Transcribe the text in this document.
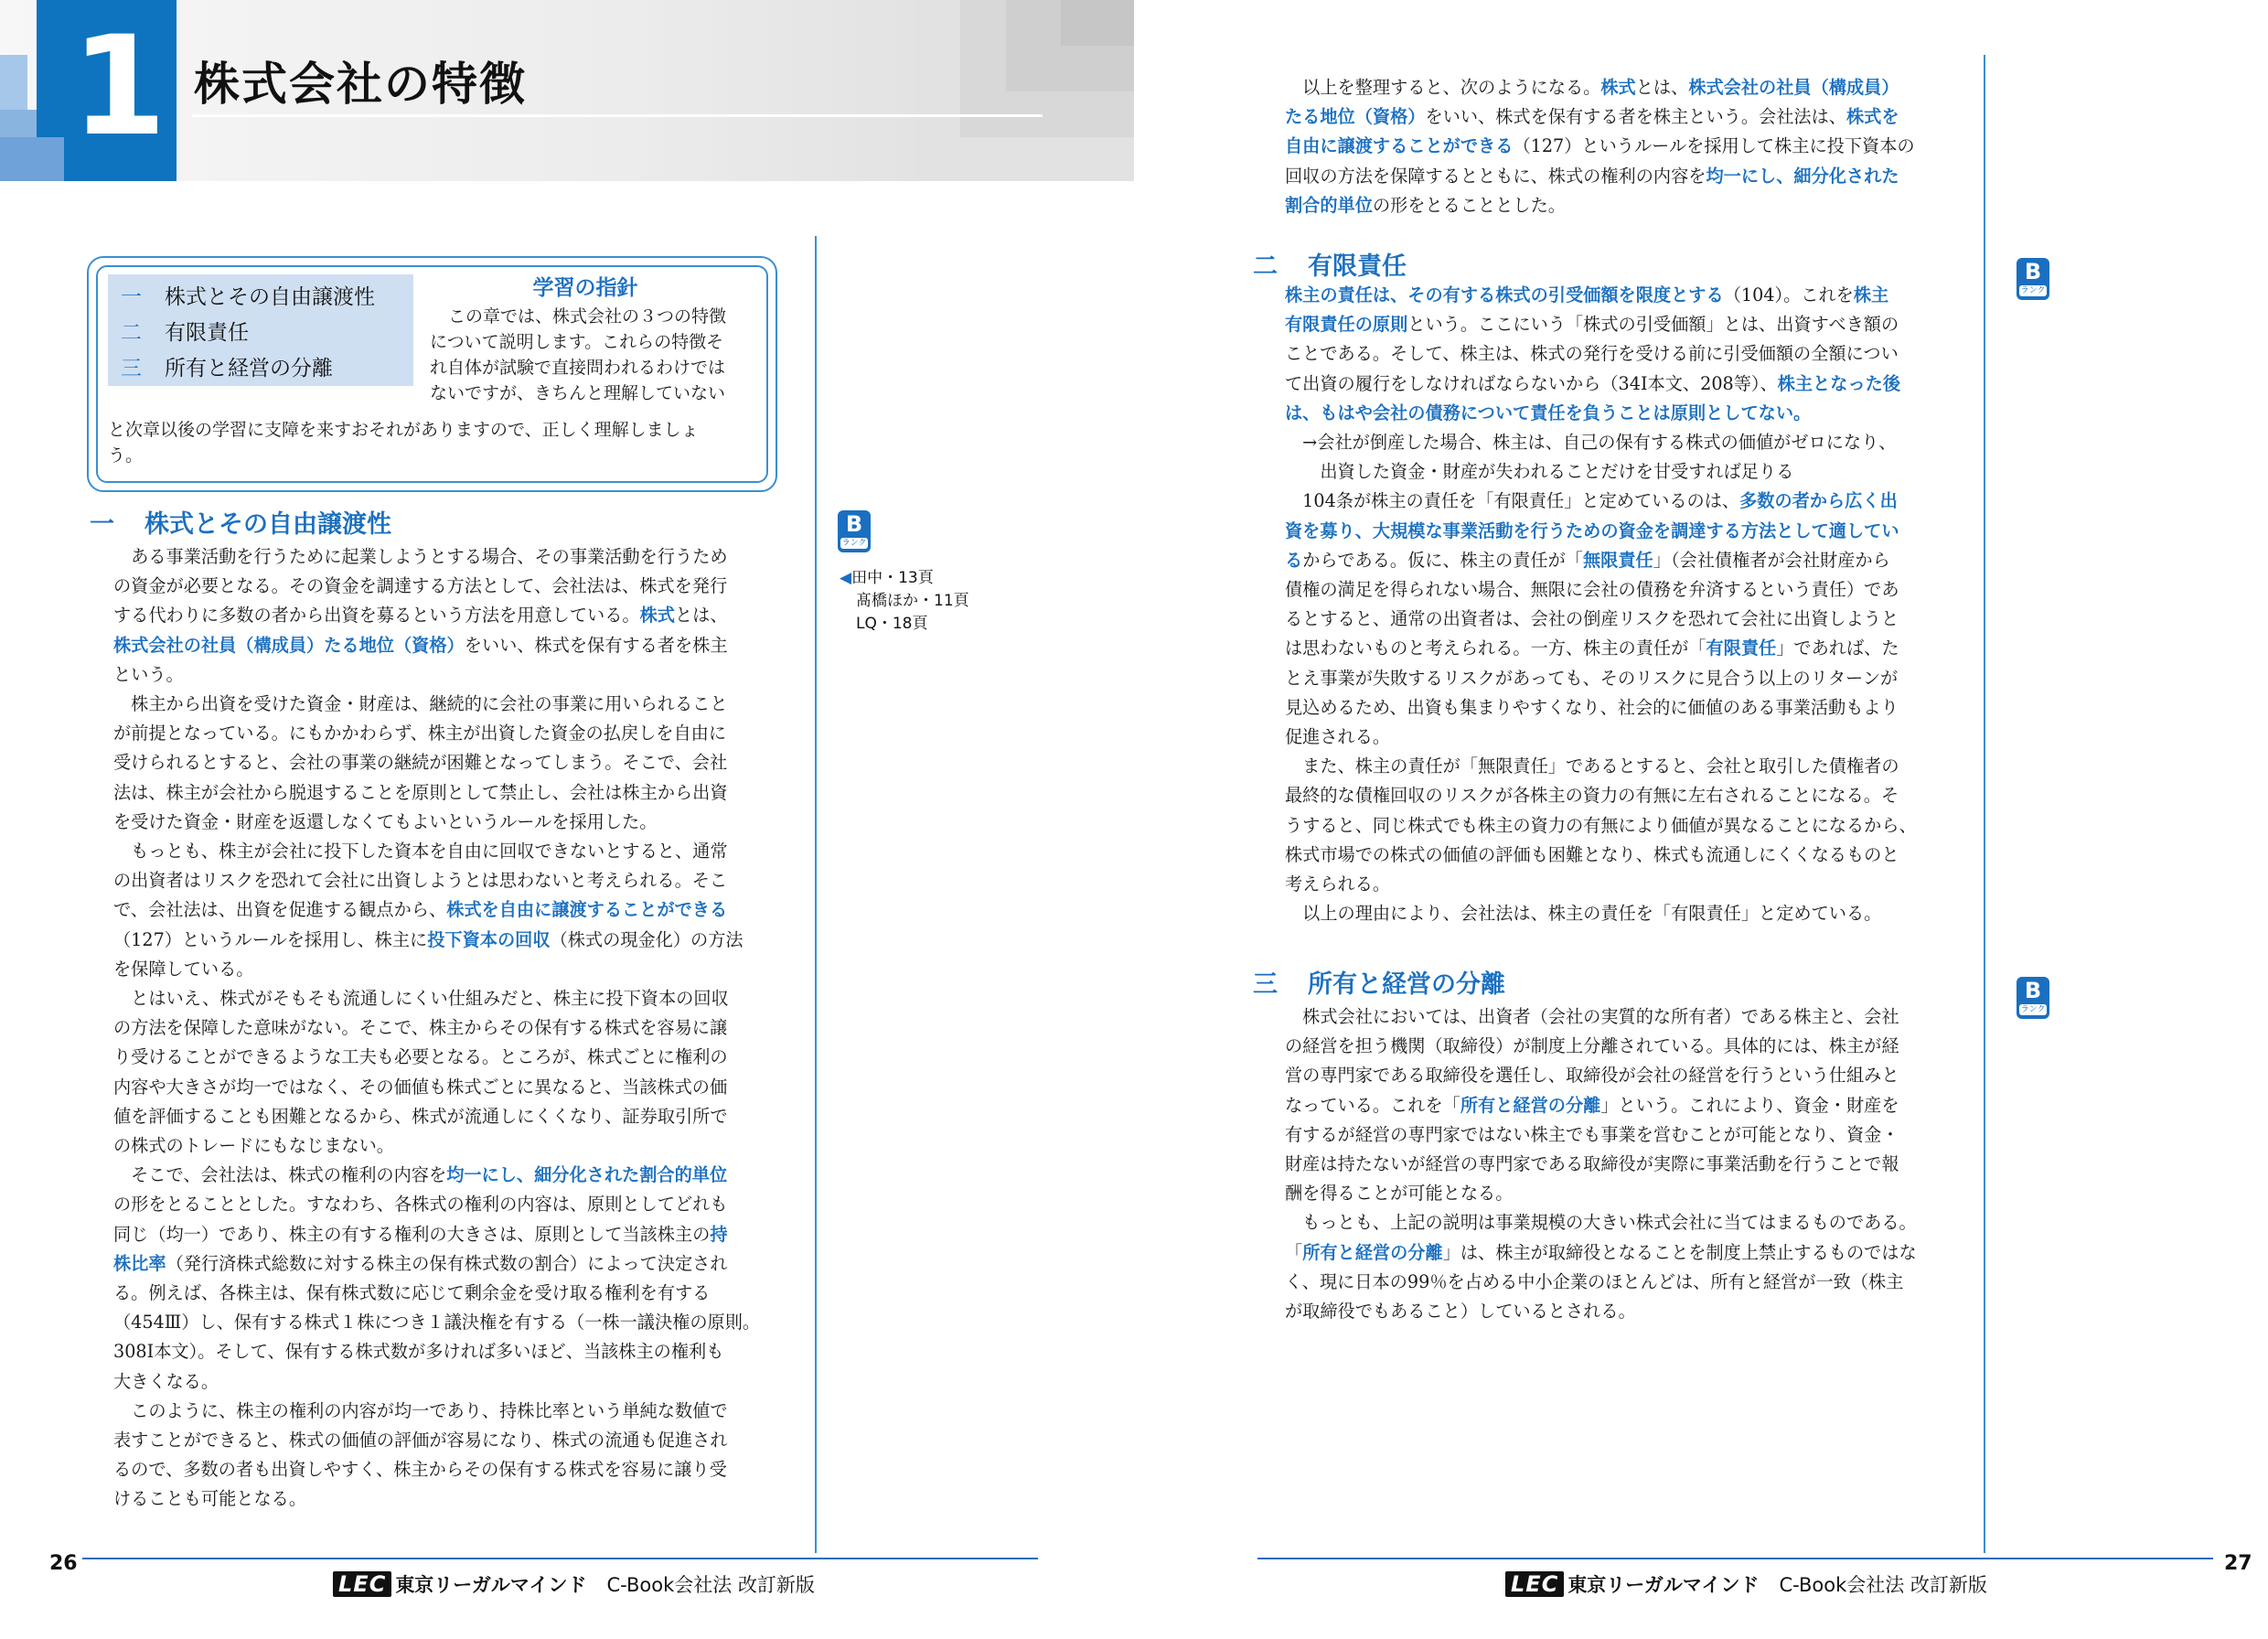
1 株式会社の特徴
一 株式とその自由譲渡性
二 有限責任
三 所有と経営の分離
学習の指針
この章では、株式会社の３つの特徴
について説明します。これらの特徴そ
れ自体が試験で直接問われるわけでは
ないですが、きちんと理解していない
と次章以後の学習に支障を来すおそれがありますので、正しく理解しましょ
う。
一 株式とその自由譲渡性
　ある事業活動を行うために起業しようとする場合、その事業活動を行うため
の資金が必要となる。その資金を調達する方法として、会社法は、株式を発行
する代わりに多数の者から出資を募るという方法を用意している。株式とは、
株式会社の社員（構成員）たる地位（資格）をいい、株式を保有する者を株主
という。
　株主から出資を受けた資金・財産は、継続的に会社の事業に用いられること
が前提となっている。にもかかわらず、株主が出資した資金の払戻しを自由に
受けられるとすると、会社の事業の継続が困難となってしまう。そこで、会社
法は、株主が会社から脱退することを原則として禁止し、会社は株主から出資
を受けた資金・財産を返還しなくてもよいというルールを採用した。
　もっとも、株主が会社に投下した資本を自由に回収できないとすると、通常
の出資者はリスクを恐れて会社に出資しようとは思わないと考えられる。そこ
で、会社法は、出資を促進する観点から、株式を自由に譲渡することができる
（127）というルールを採用し、株主に投下資本の回収（株式の現金化）の方法
を保障している。
　とはいえ、株式がそもそも流通しにくい仕組みだと、株主に投下資本の回収
の方法を保障した意味がない。そこで、株主からその保有する株式を容易に譲
り受けることができるような工夫も必要となる。ところが、株式ごとに権利の
内容や大きさが均一ではなく、その価値も株式ごとに異なると、当該株式の価
値を評価することも困難となるから、株式が流通しにくくなり、証券取引所で
の株式のトレードにもなじまない。
　そこで、会社法は、株式の権利の内容を均一にし、細分化された割合的単位
の形をとることとした。すなわち、各株式の権利の内容は、原則としてどれも
同じ（均一）であり、株主の有する権利の大きさは、原則として当該株主の持
株比率（発行済株式総数に対する株主の保有株式数の割合）によって決定され
る。例えば、各株主は、保有株式数に応じて剰余金を受け取る権利を有する
（454Ⅲ）し、保有する株式１株につき１議決権を有する（一株一議決権の原則。
308Ⅰ本文）。そして、保有する株式数が多ければ多いほど、当該株主の権利も
大きくなる。
　このように、株主の権利の内容が均一であり、持株比率という単純な数値で
表すことができると、株式の価値の評価が容易になり、株式の流通も促進され
るので、多数の者も出資しやすく、株主からその保有する株式を容易に譲り受
けることも可能となる。
B
ランク
◀田中・13頁
髙橋ほか・11頁
LQ・18頁
26
LEC 東京リーガルマインド C-Book会社法 改訂新版
　以上を整理すると、次のようになる。株式とは、株式会社の社員（構成員）
たる地位（資格）をいい、株式を保有する者を株主という。会社法は、株式を
自由に譲渡することができる（127）というルールを採用して株主に投下資本の
回収の方法を保障するとともに、株式の権利の内容を均一にし、細分化された
割合的単位の形をとることとした。
二 有限責任
株主の責任は、その有する株式の引受価額を限度とする（104）。これを株主
有限責任の原則という。ここにいう「株式の引受価額」とは、出資すべき額の
ことである。そして、株主は、株式の発行を受ける前に引受価額の全額につい
て出資の履行をしなければならないから（34Ⅰ本文、208等）、株主となった後
は、もはや会社の債務について責任を負うことは原則としてない。
　→会社が倒産した場合、株主は、自己の保有する株式の価値がゼロになり、
　　出資した資金・財産が失われることだけを甘受すれば足りる
　104条が株主の責任を「有限責任」と定めているのは、多数の者から広く出
資を募り、大規模な事業活動を行うための資金を調達する方法として適してい
るからである。仮に、株主の責任が「無限責任」（会社債権者が会社財産から
債権の満足を得られない場合、無限に会社の債務を弁済するという責任）であ
るとすると、通常の出資者は、会社の倒産リスクを恐れて会社に出資しようと
は思わないものと考えられる。一方、株主の責任が「有限責任」であれば、た
とえ事業が失敗するリスクがあっても、そのリスクに見合う以上のリターンが
見込めるため、出資も集まりやすくなり、社会的に価値のある事業活動もより
促進される。
　また、株主の責任が「無限責任」であるとすると、会社と取引した債権者の
最終的な債権回収のリスクが各株主の資力の有無に左右されることになる。そ
うすると、同じ株式でも株主の資力の有無により価値が異なることになるから、
株式市場での株式の価値の評価も困難となり、株式も流通しにくくなるものと
考えられる。
　以上の理由により、会社法は、株主の責任を「有限責任」と定めている。
三 所有と経営の分離
　株式会社においては、出資者（会社の実質的な所有者）である株主と、会社
の経営を担う機関（取締役）が制度上分離されている。具体的には、株主が経
営の専門家である取締役を選任し、取締役が会社の経営を行うという仕組みと
なっている。これを「所有と経営の分離」という。これにより、資金・財産を
有するが経営の専門家ではない株主でも事業を営むことが可能となり、資金・
財産は持たないが経営の専門家である取締役が実際に事業活動を行うことで報
酬を得ることが可能となる。
　もっとも、上記の説明は事業規模の大きい株式会社に当てはまるものである。
「所有と経営の分離」は、株主が取締役となることを制度上禁止するものではな
く、現に日本の99％を占める中小企業のほとんどは、所有と経営が一致（株主
が取締役でもあること）しているとされる。
B
ランク
B
ランク
27
LEC 東京リーガルマインド C-Book会社法 改訂新版
